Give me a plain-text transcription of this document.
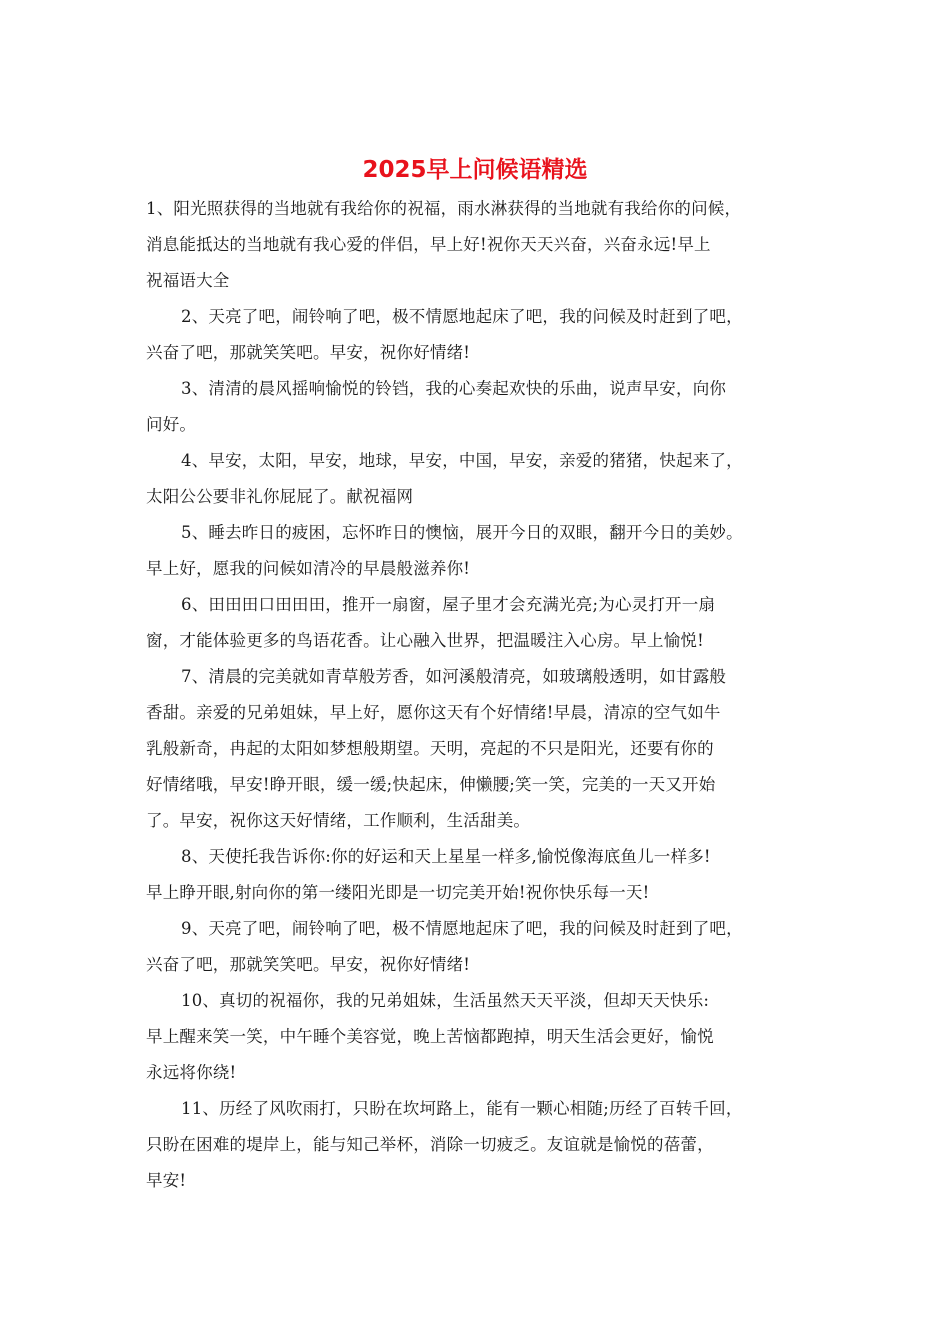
2025早上问候语精选

1、阳光照获得的当地就有我给你的祝福，雨水淋获得的当地就有我给你的问候，
消息能抵达的当地就有我心爱的伴侣，早上好!祝你天天兴奋，兴奋永远!早上
祝福语大全

2、天亮了吧，闹铃响了吧，极不情愿地起床了吧，我的问候及时赶到了吧，
兴奋了吧，那就笑笑吧。早安，祝你好情绪!

3、清清的晨风摇响愉悦的铃铛，我的心奏起欢快的乐曲，说声早安，向你
问好。

4、早安，太阳，早安，地球，早安，中国，早安，亲爱的猪猪，快起来了，
太阳公公要非礼你屁屁了。献祝福网

5、睡去昨日的疲困，忘怀昨日的懊恼，展开今日的双眼，翻开今日的美妙。
早上好，愿我的问候如清冷的早晨般滋养你!

6、田田田口田田田，推开一扇窗，屋子里才会充满光亮;为心灵打开一扇
窗，才能体验更多的鸟语花香。让心融入世界，把温暖注入心房。早上愉悦!

7、清晨的完美就如青草般芳香，如河溪般清亮，如玻璃般透明，如甘露般
香甜。亲爱的兄弟姐妹，早上好，愿你这天有个好情绪!早晨，清凉的空气如牛
乳般新奇，冉起的太阳如梦想般期望。天明，亮起的不只是阳光，还要有你的
好情绪哦，早安!睁开眼，缓一缓;快起床，伸懒腰;笑一笑，完美的一天又开始
了。早安，祝你这天好情绪，工作顺利，生活甜美。

8、天使托我告诉你:你的好运和天上星星一样多,愉悦像海底鱼儿一样多!
早上睁开眼,射向你的第一缕阳光即是一切完美开始!祝你快乐每一天!

9、天亮了吧，闹铃响了吧，极不情愿地起床了吧，我的问候及时赶到了吧，
兴奋了吧，那就笑笑吧。早安，祝你好情绪!

10、真切的祝福你，我的兄弟姐妹，生活虽然天天平淡，但却天天快乐:
早上醒来笑一笑，中午睡个美容觉，晚上苦恼都跑掉，明天生活会更好，愉悦
永远将你绕!

11、历经了风吹雨打，只盼在坎坷路上，能有一颗心相随;历经了百转千回，
只盼在困难的堤岸上，能与知己举杯，消除一切疲乏。友谊就是愉悦的蓓蕾，
早安!
